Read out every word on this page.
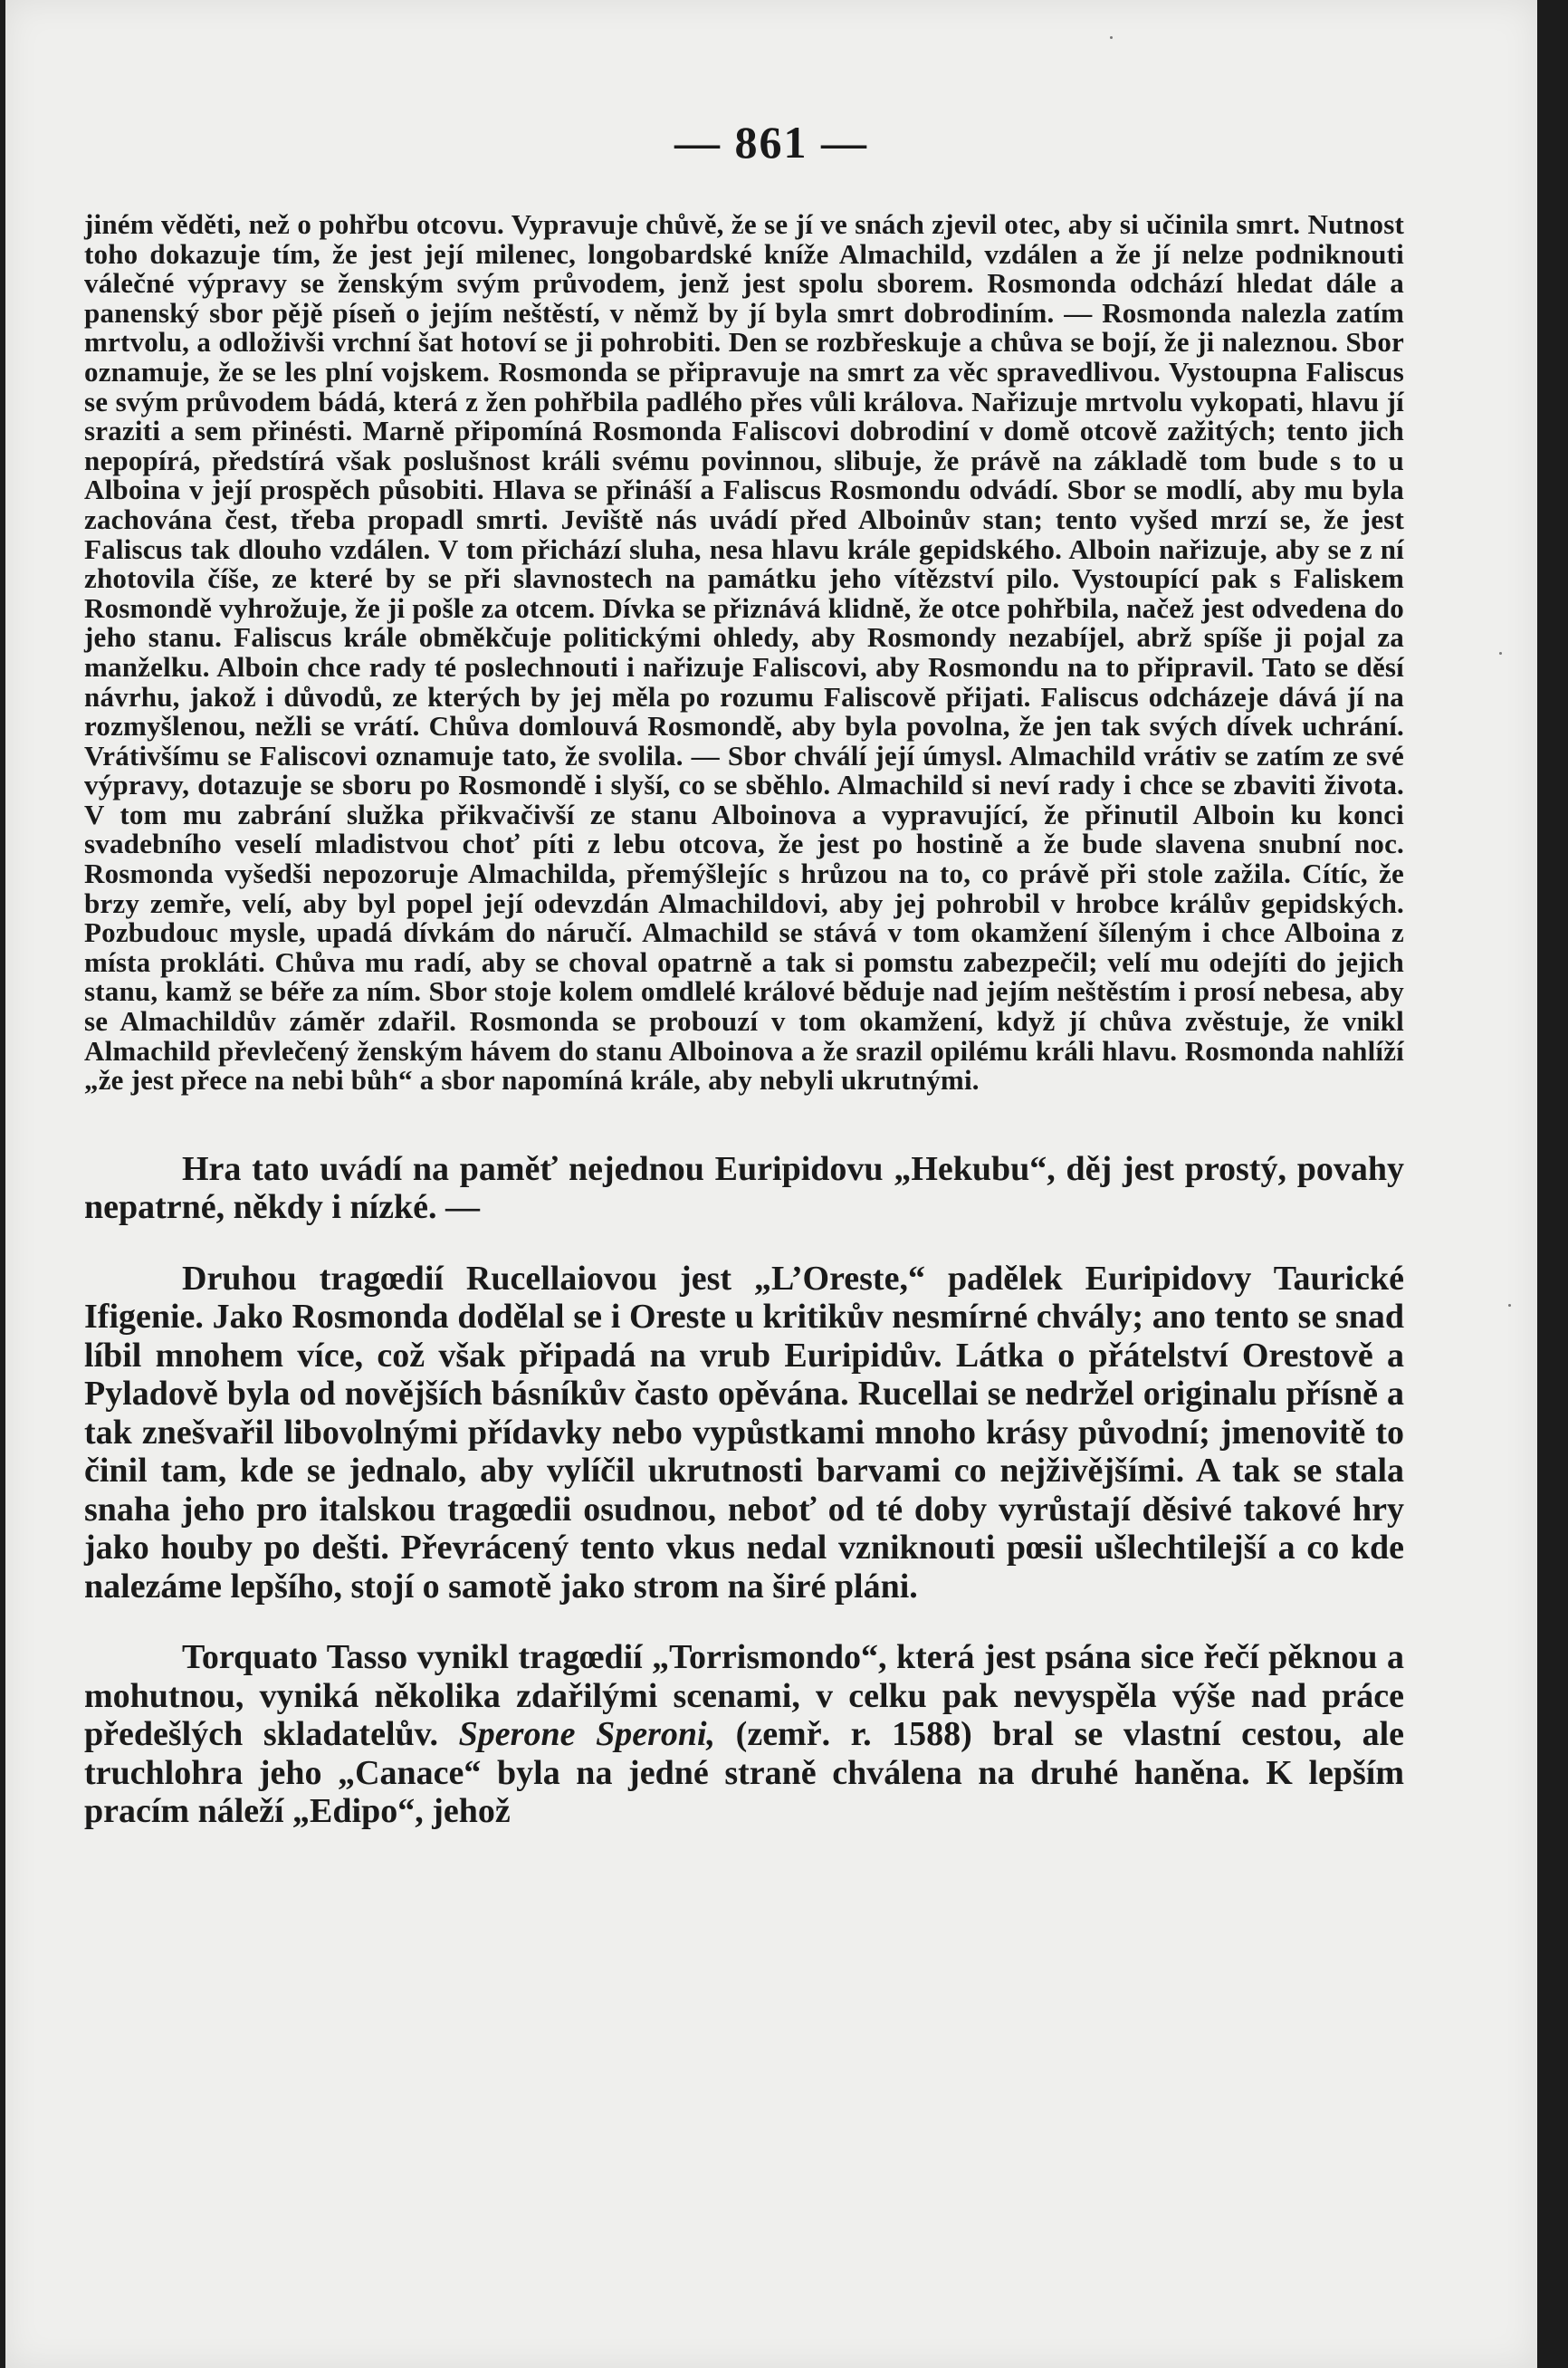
— 861 —

jiném věděti, než o pohřbu otcovu. Vypravuje chůvě, že se jí ve snách zjevil otec, aby si učinila smrt. Nutnost toho dokazuje tím, že jest její milenec, longobardské kníže Almachild, vzdálen a že jí nelze podniknouti válečné výpravy se ženským svým průvodem, jenž jest spolu sborem. Rosmonda odchází hledat dále a panenský sbor pějě píseň o jejím neštěstí, v němž by jí byla smrt dobrodiním. — Rosmonda nalezla zatím mrtvolu, a odloživši vrchní šat hotoví se ji pohrobiti. Den se rozbřeskuje a chůva se bojí, že ji naleznou. Sbor oznamuje, že se les plní vojskem. Rosmonda se připravuje na smrt za věc spravedlivou. Vystoupna Faliscus se svým průvodem bádá, která z žen pohřbila padlého přes vůli králova. Nařizuje mrtvolu vykopati, hlavu jí sraziti a sem přinésti. Marně připomíná Rosmonda Faliscovi dobrodiní v domě otcově zažitých; tento jich nepopírá, předstírá však poslušnost králi svému povinnou, slibuje, že právě na základě tom bude s to u Alboina v její prospěch působiti. Hlava se přináší a Faliscus Rosmondu odvádí. Sbor se modlí, aby mu byla zachována čest, třeba propadl smrti. Jeviště nás uvádí před Alboinův stan; tento vyšed mrzí se, že jest Faliscus tak dlouho vzdálen. V tom přichází sluha, nesa hlavu krále gepidského. Alboin nařizuje, aby se z ní zhotovila číše, ze které by se při slavnostech na památku jeho vítězství pilo. Vystoupící pak s Faliskem Rosmondě vyhrožuje, že ji pošle za otcem. Dívka se přiznává klidně, že otce pohřbila, načež jest odvedena do jeho stanu. Faliscus krále obměkčuje politickými ohledy, aby Rosmondy nezabíjel, abrž spíše ji pojal za manželku. Alboin chce rady té poslechnouti i nařizuje Faliscovi, aby Rosmondu na to připravil. Tato se děsí návrhu, jakož i důvodů, ze kterých by jej měla po rozumu Faliscově přijati. Faliscus odcházeje dává jí na rozmyšlenou, nežli se vrátí. Chůva domlouvá Rosmondě, aby byla povolna, že jen tak svých dívek uchrání. Vrátivšímu se Faliscovi oznamuje tato, že svolila. — Sbor chválí její úmysl. Almachild vrátiv se zatím ze své výpravy, dotazuje se sboru po Rosmondě i slyší, co se sběhlo. Almachild si neví rady i chce se zbaviti života. V tom mu zabrání služka přikvačivší ze stanu Alboinova a vypravující, že přinutil Alboin ku konci svadebního veselí mladistvou choť píti z lebu otcova, že jest po hostině a že bude slavena snubní noc. Rosmonda vyšedši nepozoruje Almachilda, přemýšlejíc s hrůzou na to, co právě při stole zažila. Cítíc, že brzy zemře, velí, aby byl popel její odevzdán Almachildovi, aby jej pohrobil v hrobce králův gepidských. Pozbudouc mysle, upadá dívkám do náručí. Almachild se stává v tom okamžení šíleným i chce Alboina z místa prokláti. Chůva mu radí, aby se choval opatrně a tak si pomstu zabezpečil; velí mu odejíti do jejich stanu, kamž se béře za ním. Sbor stoje kolem omdlelé králové běduje nad jejím neštěstím i prosí nebesa, aby se Almachildův záměr zdařil. Rosmonda se probouzí v tom okamžení, když jí chůva zvěstuje, že vnikl Almachild převlečený ženským hávem do stanu Alboinova a že srazil opilému králi hlavu. Rosmonda nahlíží „že jest přece na nebi bůh“ a sbor napomíná krále, aby nebyli ukrutnými.

Hra tato uvádí na paměť nejednou Euripidovu „Hekubu“, děj jest prostý, povahy nepatrné, někdy i nízké. —

Druhou tragœdií Rucellaiovou jest „L’Oreste,“ padělek Euripidovy Taurické Ifigenie. Jako Rosmonda dodělal se i Oreste u kritikův nesmírné chvály; ano tento se snad líbil mnohem více, což však připadá na vrub Euripidův. Látka o přátelství Orestově a Pyladově byla od novějších básníkův často opěvána. Rucellai se nedržel originalu přísně a tak znešvařil libovolnými přídavky nebo vypůstkami mnoho krásy původní; jmenovitě to činil tam, kde se jednalo, aby vylíčil ukrutnosti barvami co nejživějšími. A tak se stala snaha jeho pro italskou tragœdii osudnou, neboť od té doby vyrůstají děsivé takové hry jako houby po dešti. Převrácený tento vkus nedal vzniknouti pœsii ušlechtilejší a co kde nalezáme lepšího, stojí o samotě jako strom na širé pláni.

Torquato Tasso vynikl tragœdií „Torrismondo“, která jest psána sice řečí pěknou a mohutnou, vyniká několika zdařilými scenami, v celku pak nevyspěla výše nad práce předešlých skladatelův. Sperone Speroni, (zemř. r. 1588) bral se vlastní cestou, ale truchlohra jeho „Canace“ byla na jedné straně chválena na druhé haněna. K lepším pracím náleží „Edipo“, jehož
